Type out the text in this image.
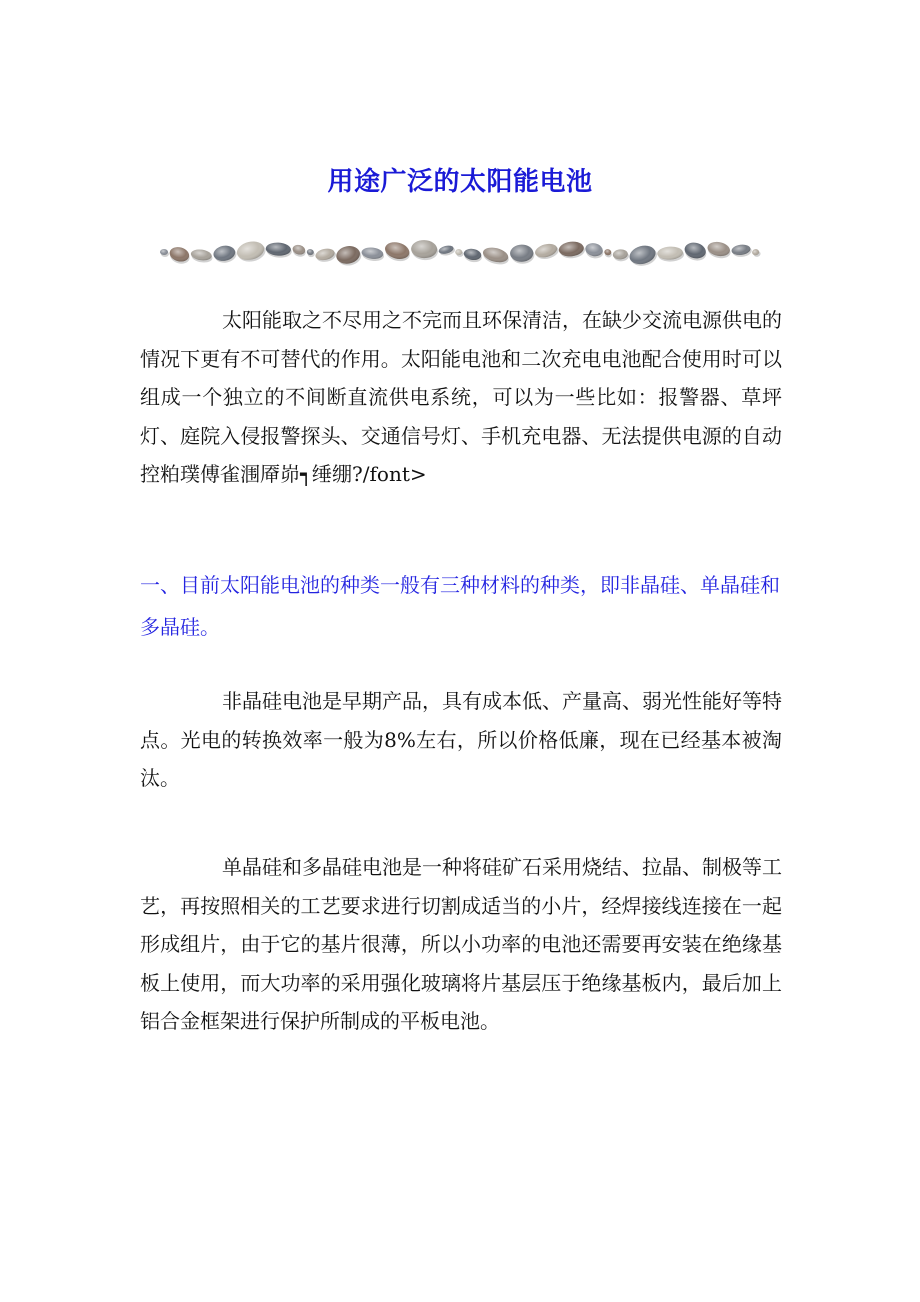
用途广泛的太阳能电池

太阳能取之不尽用之不完而且环保清洁，在缺少交流电源供电的情况下更有不可替代的作用。太阳能电池和二次充电电池配合使用时可以组成一个独立的不间断直流供电系统，可以为一些比如：报警器、草坪灯、庭院入侵报警探头、交通信号灯、手机充电器、无法提供电源的自动控粕璞傅雀涠厣峁┑缍绷?/font>

一、目前太阳能电池的种类一般有三种材料的种类，即非晶硅、单晶硅和多晶硅。

非晶硅电池是早期产品，具有成本低、产量高、弱光性能好等特点。光电的转换效率一般为8%左右，所以价格低廉，现在已经基本被淘汰。

单晶硅和多晶硅电池是一种将硅矿石采用烧结、拉晶、制极等工艺，再按照相关的工艺要求进行切割成适当的小片，经焊接线连接在一起形成组片，由于它的基片很薄，所以小功率的电池还需要再安装在绝缘基板上使用，而大功率的采用强化玻璃将片基层压于绝缘基板内，最后加上铝合金框架进行保护所制成的平板电池。
